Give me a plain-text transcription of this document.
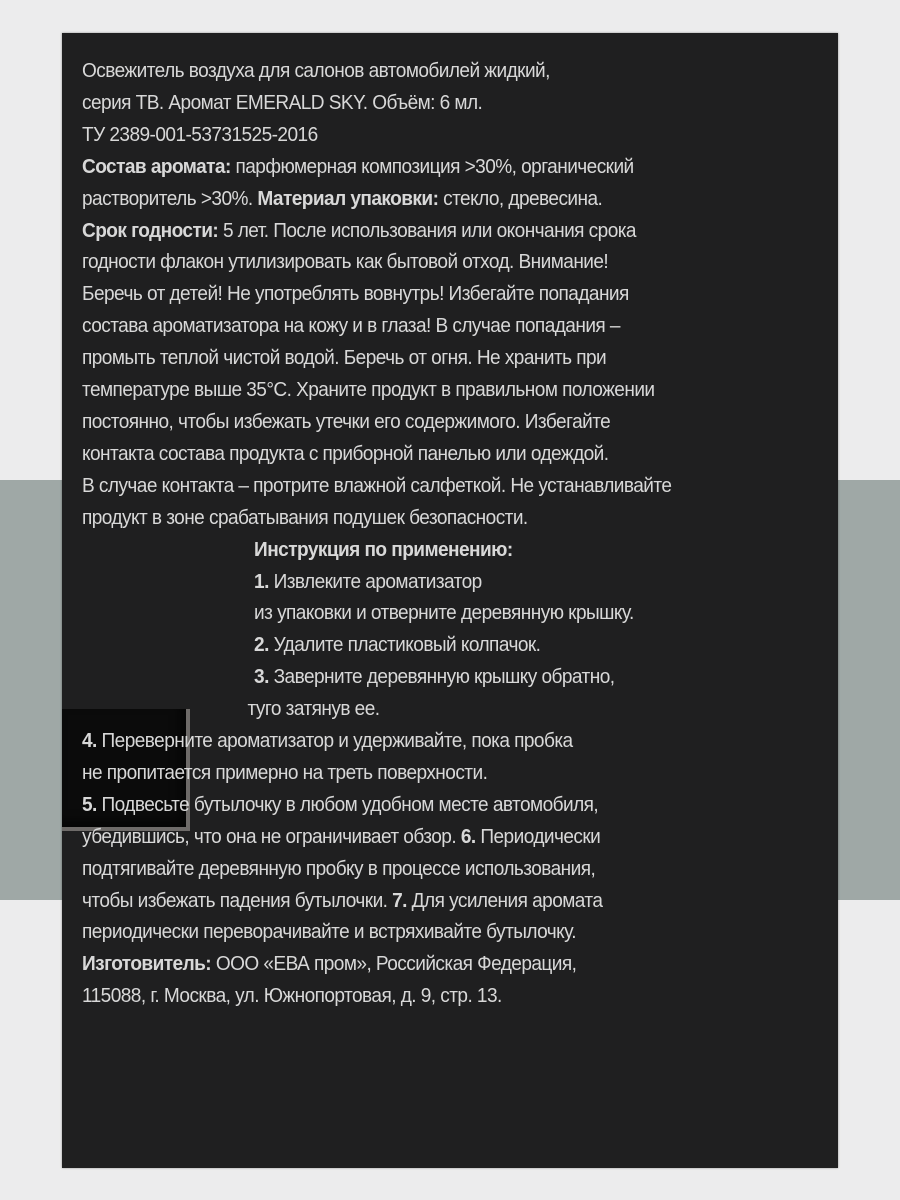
Освежитель воздуха для салонов автомобилей жидкий,
серия TB. Аромат EMERALD SKY. Объём: 6 мл.
ТУ 2389-001-53731525-2016
Состав аромата: парфюмерная композиция >30%, органический
растворитель >30%. Материал упаковки: стекло, древесина.
Срок годности: 5 лет. После использования или окончания срока
годности флакон утилизировать как бытовой отход. Внимание!
Беречь от детей! Не употреблять вовнутрь! Избегайте попадания
состава ароматизатора на кожу и в глаза! В случае попадания –
промыть теплой чистой водой. Беречь от огня. Не хранить при
температуре выше 35°С. Храните продукт в правильном положении
постоянно, чтобы избежать утечки его содержимого. Избегайте
контакта состава продукта с приборной панелью или одеждой.
В случае контакта – протрите влажной салфеткой. Не устанавливайте
продукт в зоне срабатывания подушек безопасности.
Инструкция по применению:
1. Извлеките ароматизатор
из упаковки и отверните деревянную крышку.
2. Удалите пластиковый колпачок.
3. Заверните деревянную крышку обратно,
туго затянув ее.
4. Переверните ароматизатор и удерживайте, пока пробка
не пропитается примерно на треть поверхности.
5. Подвесьте бутылочку в любом удобном месте автомобиля,
убедившись, что она не ограничивает обзор. 6. Периодически
подтягивайте деревянную пробку в процессе использования,
чтобы избежать падения бутылочки. 7. Для усиления аромата
периодически переворачивайте и встряхивайте бутылочку.
Изготовитель: ООО «ЕВА пром», Российская Федерация,
115088, г. Москва, ул. Южнопортовая, д. 9, стр. 13.
